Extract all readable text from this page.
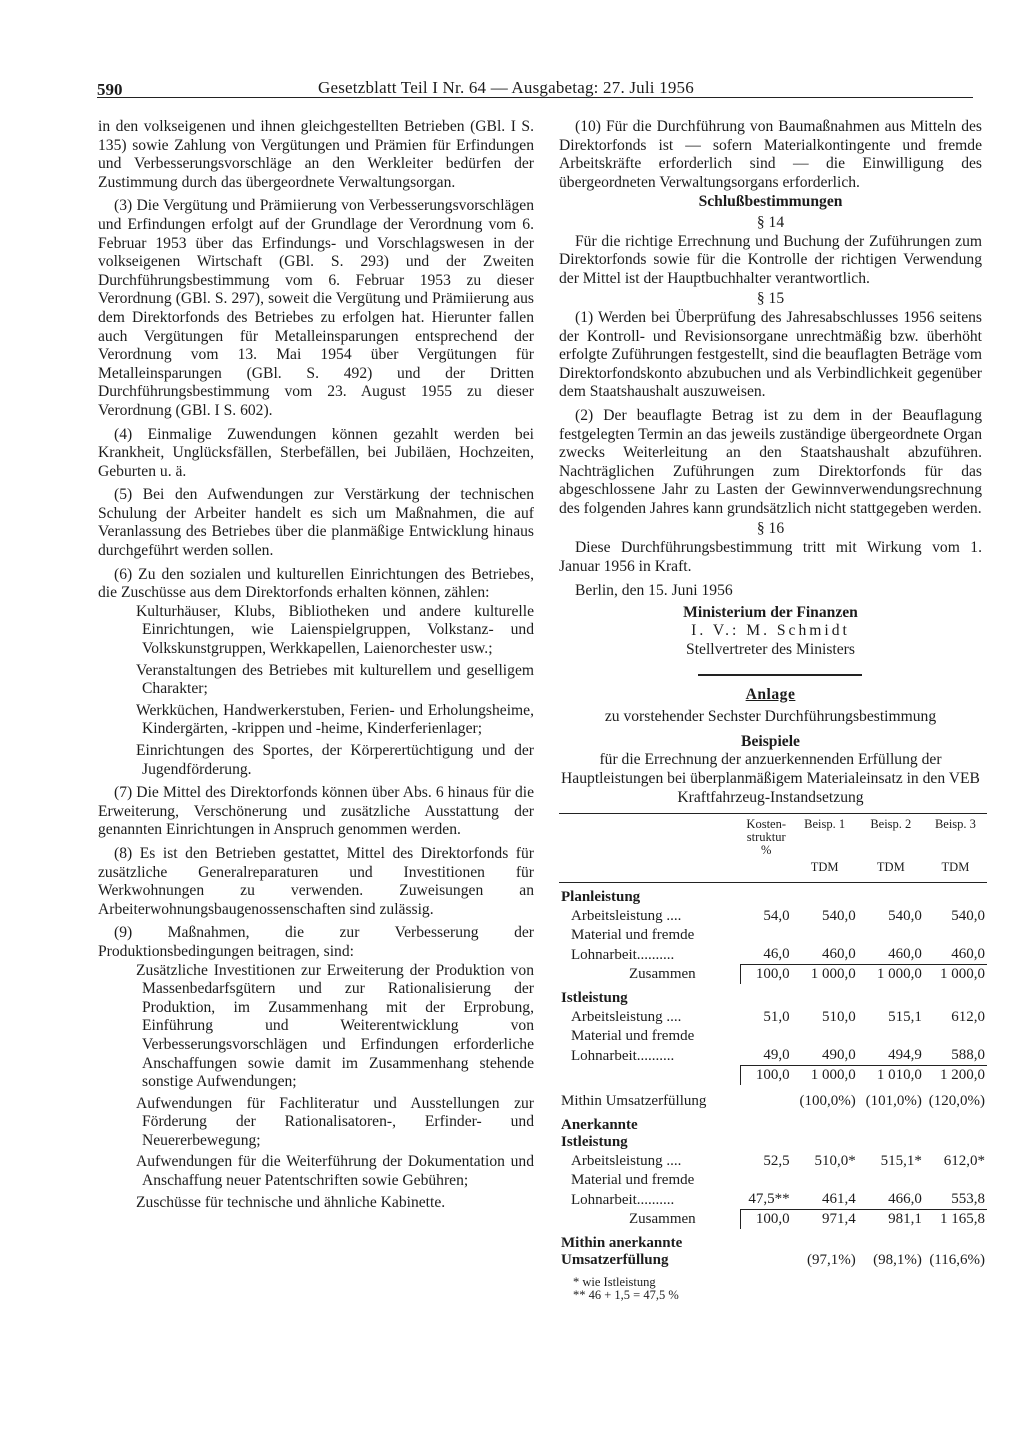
590	Gesetzblatt Teil I Nr. 64 — Ausgabetag: 27. Juli 1956

in den volkseigenen und ihnen gleichgestellten Betrieben (GBl. I S. 135) sowie Zahlung von Vergütungen und Prämien für Erfindungen und Verbesserungsvorschläge an den Werkleiter bedürfen der Zustimmung durch das übergeordnete Verwaltungsorgan.

(3) Die Vergütung und Prämiierung von Verbesserungsvorschlägen und Erfindungen erfolgt auf der Grundlage der Verordnung vom 6. Februar 1953 über das Erfindungs- und Vorschlagswesen in der volkseigenen Wirtschaft (GBl. S. 293) und der Zweiten Durchführungsbestimmung vom 6. Februar 1953 zu dieser Verordnung (GBl. S. 297), soweit die Vergütung und Prämiierung aus dem Direktorfonds des Betriebes zu erfolgen hat. Hierunter fallen auch Vergütungen für Metalleinsparungen entsprechend der Verordnung vom 13. Mai 1954 über Vergütungen für Metalleinsparungen (GBl. S. 492) und der Dritten Durchführungsbestimmung vom 23. August 1955 zu dieser Verordnung (GBl. I S. 602).

(4) Einmalige Zuwendungen können gezahlt werden bei Krankheit, Unglücksfällen, Sterbefällen, bei Jubiläen, Hochzeiten, Geburten u. ä.

(5) Bei den Aufwendungen zur Verstärkung der technischen Schulung der Arbeiter handelt es sich um Maßnahmen, die auf Veranlassung des Betriebes über die planmäßige Entwicklung hinaus durchgeführt werden sollen.

(6) Zu den sozialen und kulturellen Einrichtungen des Betriebes, die Zuschüsse aus dem Direktorfonds erhalten können, zählen:

Kulturhäuser, Klubs, Bibliotheken und andere kulturelle Einrichtungen, wie Laienspielgruppen, Volkstanz- und Volkskunstgruppen, Werkkapellen, Laienorchester usw.;

Veranstaltungen des Betriebes mit kulturellem und geselligem Charakter;

Werkküchen, Handwerkerstuben, Ferien- und Erholungsheime, Kindergärten, -krippen und -heime, Kinderferienlager;

Einrichtungen des Sportes, der Körperertüchtigung und der Jugendförderung.

(7) Die Mittel des Direktorfonds können über Abs. 6 hinaus für die Erweiterung, Verschönerung und zusätzliche Ausstattung der genannten Einrichtungen in Anspruch genommen werden.

(8) Es ist den Betrieben gestattet, Mittel des Direktorfonds für zusätzliche Generalreparaturen und Investitionen für Werkwohnungen zu verwenden. Zuweisungen an Arbeiterwohnungsbaugenossenschaften sind zulässig.

(9) Maßnahmen, die zur Verbesserung der Produktionsbedingungen beitragen, sind:

Zusätzliche Investitionen zur Erweiterung der Produktion von Massenbedarfsgütern und zur Rationalisierung der Produktion, im Zusammenhang mit der Erprobung, Einführung und Weiterentwicklung von Verbesserungsvorschlägen und Erfindungen erforderliche Anschaffungen sowie damit im Zusammenhang stehende sonstige Aufwendungen;

Aufwendungen für Fachliteratur und Ausstellungen zur Förderung der Rationalisatoren-, Erfinder- und Neuererbewegung;

Aufwendungen für die Weiterführung der Dokumentation und Anschaffung neuer Patentschriften sowie Gebühren;

Zuschüsse für technische und ähnliche Kabinette.

(10) Für die Durchführung von Baumaßnahmen aus Mitteln des Direktorfonds ist — sofern Materialkontingente und fremde Arbeitskräfte erforderlich sind — die Einwilligung des übergeordneten Verwaltungsorgans erforderlich.

Schlußbestimmungen

§ 14

Für die richtige Errechnung und Buchung der Zuführungen zum Direktorfonds sowie für die Kontrolle der richtigen Verwendung der Mittel ist der Hauptbuchhalter verantwortlich.

§ 15

(1) Werden bei Überprüfung des Jahresabschlusses 1956 seitens der Kontroll- und Revisionsorgane unrechtmäßig bzw. überhöht erfolgte Zuführungen festgestellt, sind die beauflagten Beträge vom Direktorfondskonto abzubuchen und als Verbindlichkeit gegenüber dem Staatshaushalt auszuweisen.

(2) Der beauflagte Betrag ist zu dem in der Beauflagung festgelegten Termin an das jeweils zuständige übergeordnete Organ zwecks Weiterleitung an den Staatshaushalt abzuführen. Nachträglichen Zuführungen zum Direktorfonds für das abgeschlossene Jahr zu Lasten der Gewinnverwendungsrechnung des folgenden Jahres kann grundsätzlich nicht stattgegeben werden.

§ 16

Diese Durchführungsbestimmung tritt mit Wirkung vom 1. Januar 1956 in Kraft.

Berlin, den 15. Juni 1956

Ministerium der Finanzen

I. V.: M. Schmidt

Stellvertreter des Ministers

Anlage

zu vorstehender Sechster Durchführungsbestimmung

Beispiele

für die Errechnung der anzuerkennenden Erfüllung der Hauptleistungen bei überplanmäßigem Materialeinsatz in den VEB Kraftfahrzeug-Instandsetzung

	Kosten-
struktur
%	Beisp. 1	Beisp. 2	Beisp. 3
		TDM	TDM	TDM
Planleistung				
Arbeitsleistung ....	54,0	540,0	540,0	540,0
Material und fremde				
Lohnarbeit..........	46,0	460,0	460,0	460,0
Zusammen	100,0	1 000,0	1 000,0	1 000,0
Istleistung				
Arbeitsleistung ....	51,0	510,0	515,1	612,0
Material und fremde				
Lohnarbeit..........	49,0	490,0	494,9	588,0
	100,0	1 000,0	1 010,0	1 200,0
Mithin Umsatzerfüllung		(100,0%)	(101,0%)	(120,0%)
Anerkannte
Istleistung				
Arbeitsleistung ....	52,5	510,0*	515,1*	612,0*
Material und fremde				
Lohnarbeit..........	47,5**	461,4	466,0	553,8
Zusammen	100,0	971,4	981,1	1 165,8
Mithin anerkannte
Umsatzerfüllung		(97,1%)	(98,1%)	(116,6%)
* wie Istleistung
** 46 + 1,5 = 47,5 %
